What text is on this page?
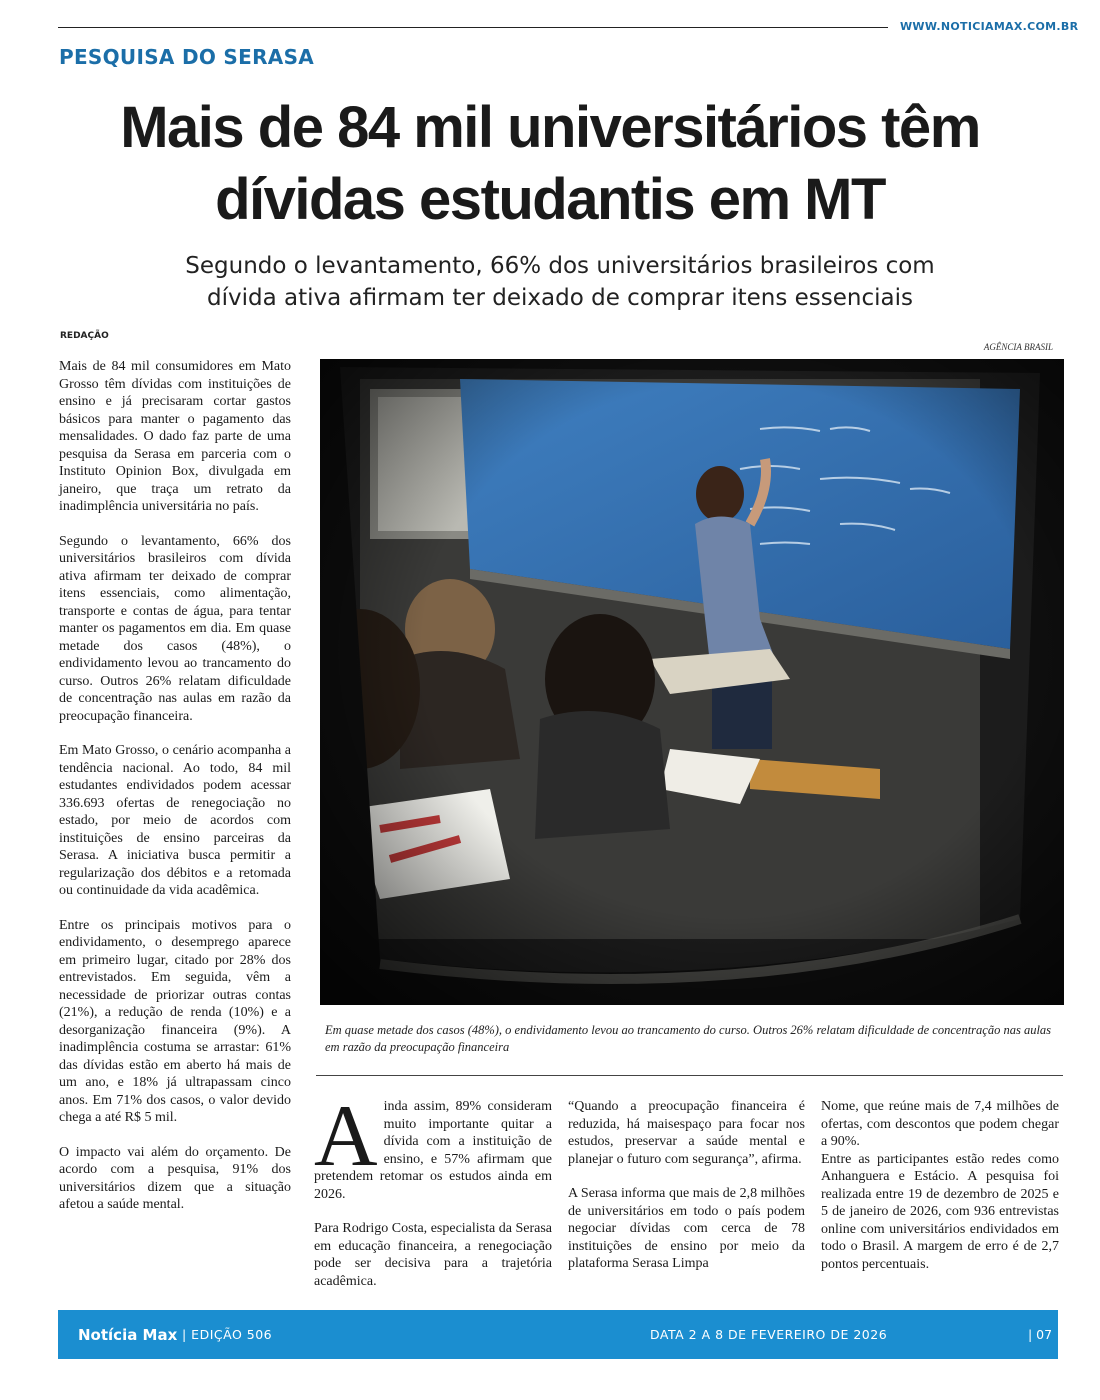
WWW.NOTICIAMAX.COM.BR
PESQUISA DO SERASA
Mais de 84 mil universitários têm
dívidas estudantis em MT
Segundo o levantamento, 66% dos universitários brasileiros com
dívida ativa afirmam ter deixado de comprar itens essenciais
REDAÇÃO
AGÊNCIA BRASIL

Mais de 84 mil consumidores em Mato Grosso têm dívidas com instituições de ensino e já precisaram cortar gastos básicos para manter o pagamento das mensalidades. O dado faz parte de uma pesquisa da Serasa em parceria com o Instituto Opinion Box, divulgada em janeiro, que traça um retrato da inadimplência universitária no país.

Segundo o levantamento, 66% dos universitários brasileiros com dívida ativa afirmam ter deixado de comprar itens essenciais, como alimentação, transporte e contas de água, para tentar manter os pagamentos em dia. Em quase metade dos casos (48%), o endividamento levou ao trancamento do curso. Outros 26% relatam dificuldade de concentração nas aulas em razão da preocupação financeira.

Em Mato Grosso, o cenário acompanha a tendência nacional. Ao todo, 84 mil estudantes endividados podem acessar 336.693 ofertas de renegociação no estado, por meio de acordos com instituições de ensino parceiras da Serasa. A iniciativa busca permitir a regularização dos débitos e a retomada ou continuidade da vida acadêmica.

Entre os principais motivos para o endividamento, o desemprego aparece em primeiro lugar, citado por 28% dos entrevistados. Em seguida, vêm a necessidade de priorizar outras contas (21%), a redução de renda (10%) e a desorganização financeira (9%). A inadimplência costuma se arrastar: 61% das dívidas estão em aberto há mais de um ano, e 18% já ultrapassam cinco anos. Em 71% dos casos, o valor devido chega a até R$ 5 mil.

O impacto vai além do orçamento. De acordo com a pesquisa, 91% dos universitários dizem que a situação afetou a saúde mental.

Em quase metade dos casos (48%), o endividamento levou ao trancamento do curso. Outros 26% relatam dificuldade de concentração nas aulas em razão da preocupação financeira

A inda assim, 89% consideram muito importante quitar a dívida com a instituição de ensino, e 57% afirmam que pretendem retomar os estudos ainda em 2026.

Para Rodrigo Costa, especialista da Serasa em educação financeira, a renegociação pode ser decisiva para a trajetória acadêmica.

“Quando a preocupação financeira é reduzida, há maisespaço para focar nos estudos, preservar a saúde mental e planejar o futuro com segurança”, afirma.

A Serasa informa que mais de 2,8 milhões de universitários em todo o país podem negociar dívidas com cerca de 78 instituições de ensino por meio da plataforma Serasa Limpa

Nome, que reúne mais de 7,4 milhões de ofertas, com descontos que podem chegar a 90%.

Entre as participantes estão redes como Anhanguera e Estácio. A pesquisa foi realizada entre 19 de dezembro de 2025 e 5 de janeiro de 2026, com 936 entrevistas online com universitários endividados em todo o Brasil. A margem de erro é de 2,7 pontos percentuais.

Notícia Max | EDIÇÃO 506	DATA 2 A 8 DE FEVEREIRO DE 2026	| 07
